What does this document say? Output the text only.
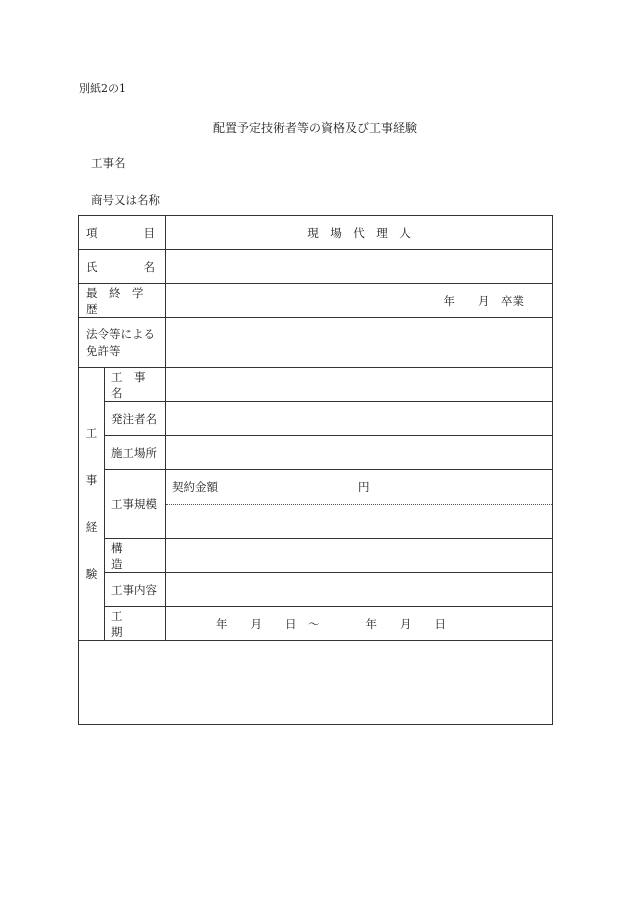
別紙2の1
配置予定技術者等の資格及び工事経験
工事名
商号又は名称
項　　　　目		現　場　代　理　人
氏　　　　名		
最　終　学　歴		年　　月　卒業

法令等による
免許等		

工
事
経
験	工　事　名	
	発注者名	
	施工場所	
	工事規模	契約金額 円

	構　　　造	
	工事内容	
	工　　　期	年　　月　　日　～　　　　年　　月　　日
